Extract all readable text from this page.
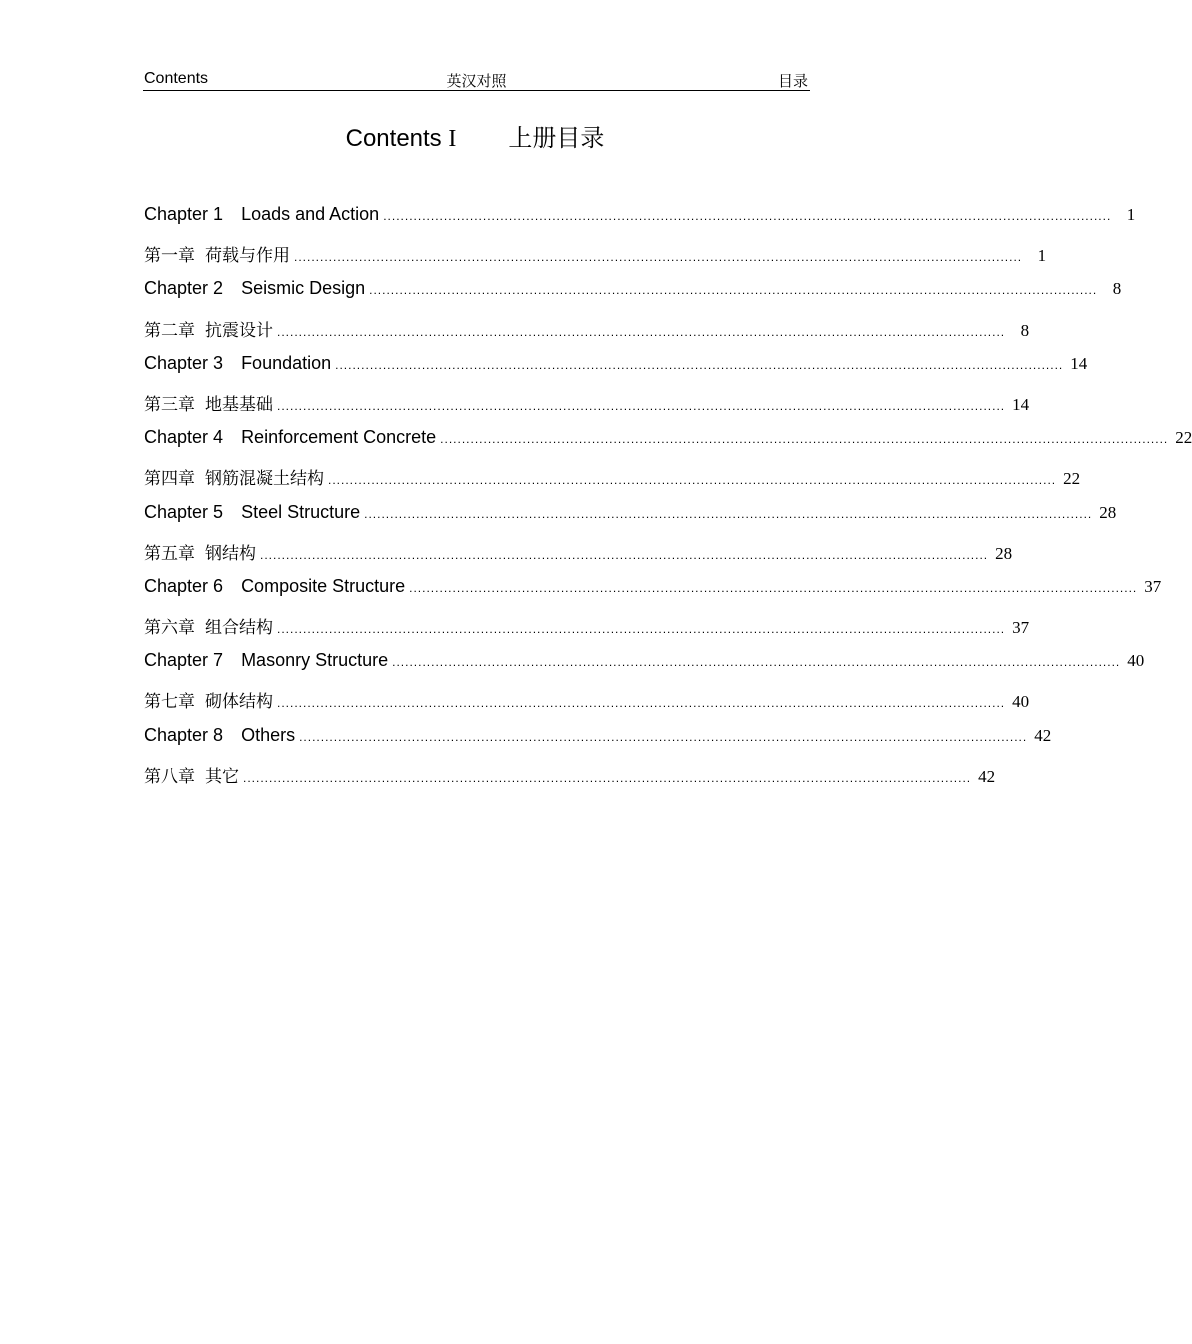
Contents	英汉对照	目录
Contents I 上册目录
Chapter 1 Loads and Action ........................................................................................................................................................................ 1
第一章 荷载与作用 ........................................................................................................................................................................ 1
Chapter 2 Seismic Design ........................................................................................................................................................................ 8
第二章 抗震设计 ........................................................................................................................................................................ 8
Chapter 3 Foundation ........................................................................................................................................................................ 14
第三章 地基基础 ........................................................................................................................................................................ 14
Chapter 4 Reinforcement Concrete ........................................................................................................................................................................ 22
第四章 钢筋混凝土结构 ........................................................................................................................................................................ 22
Chapter 5 Steel Structure ........................................................................................................................................................................ 28
第五章 钢结构 ........................................................................................................................................................................ 28
Chapter 6 Composite Structure ........................................................................................................................................................................ 37
第六章 组合结构 ........................................................................................................................................................................ 37
Chapter 7 Masonry Structure ........................................................................................................................................................................ 40
第七章 砌体结构 ........................................................................................................................................................................ 40
Chapter 8 Others ........................................................................................................................................................................ 42
第八章 其它 ........................................................................................................................................................................ 42
